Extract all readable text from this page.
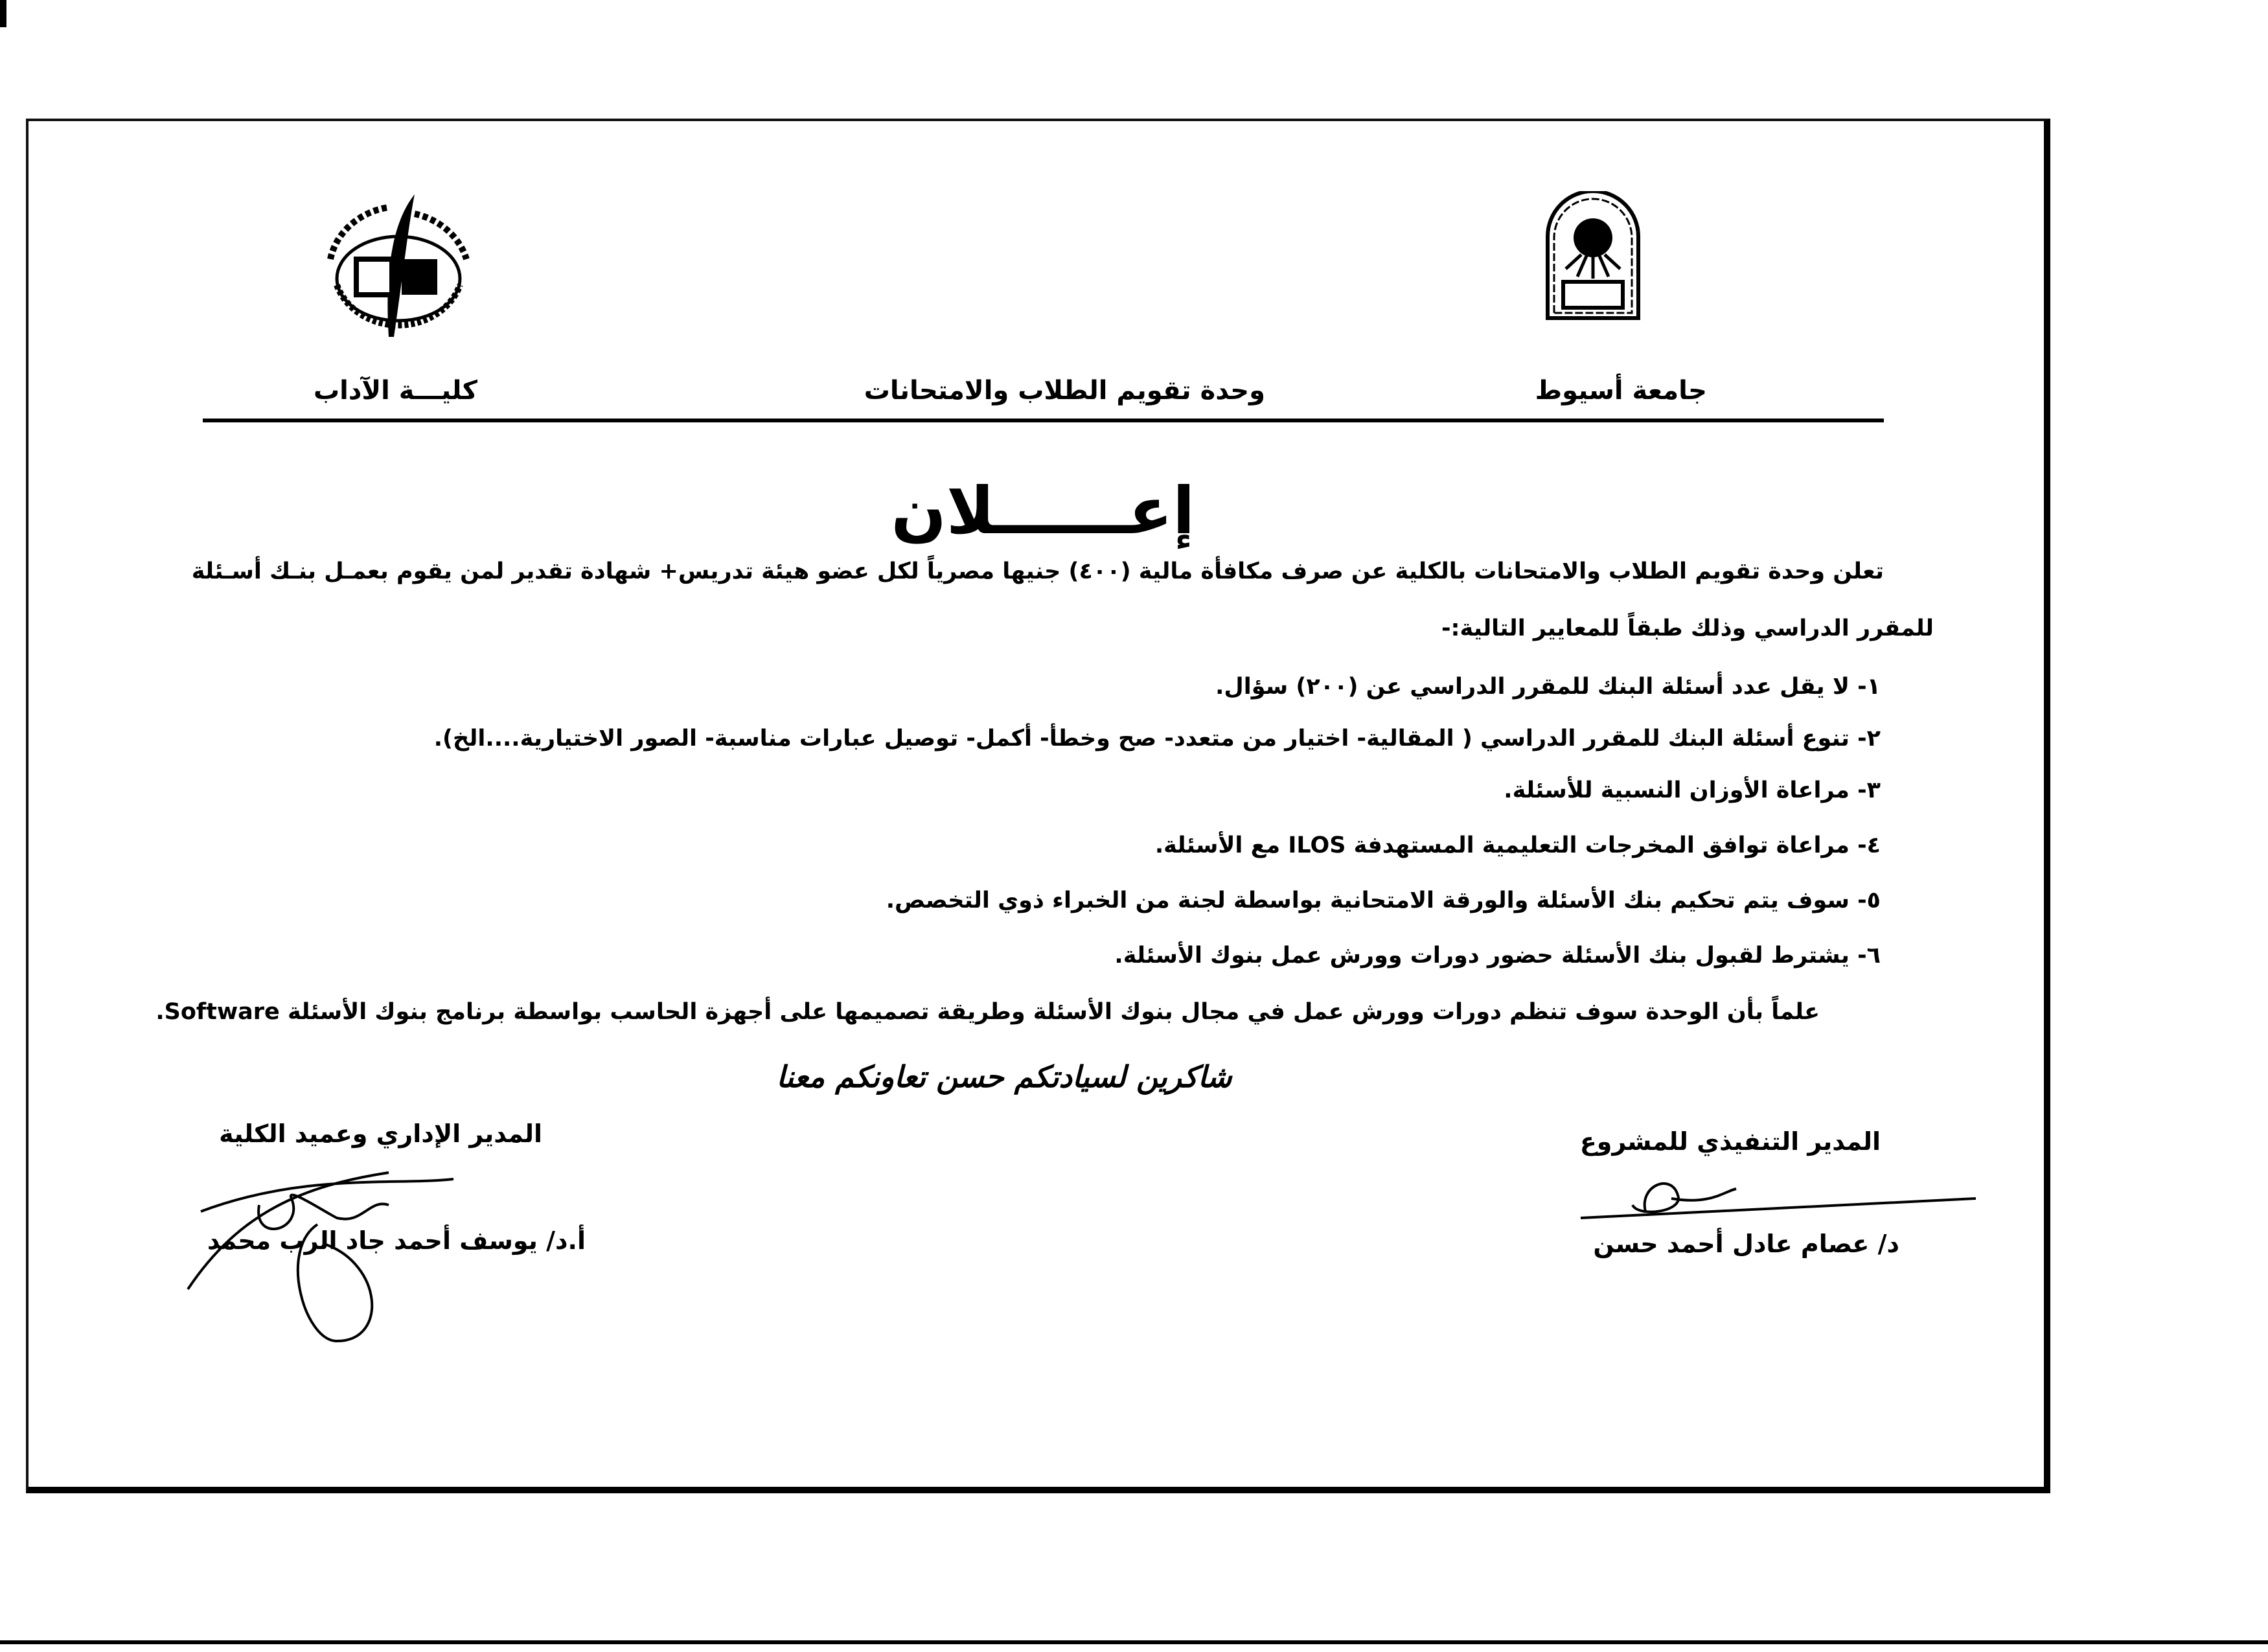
جامعة أسيوط
وحدة تقويم الطلاب والامتحانات
كليـــة الآداب
إعــــــلان
تعلن وحدة تقويم الطلاب والامتحانات بالكلية عن صرف مكافأة مالية (٤٠٠) جنيها مصرياً لكل عضو هيئة تدريس+ شهادة تقدير لمن يقوم بعمـل بنـك أسـئلة
للمقرر الدراسي وذلك طبقاً للمعايير التالية:-
١- لا يقل عدد أسئلة البنك للمقرر الدراسي عن (٢٠٠) سؤال.
٢- تنوع أسئلة البنك للمقرر الدراسي ( المقالية- اختيار من متعدد- صح وخطأ- أكمل- توصيل عبارات مناسبة- الصور الاختيارية....الخ).
٣- مراعاة الأوزان النسبية للأسئلة.
٤- مراعاة توافق المخرجات التعليمية المستهدفة ILOS مع الأسئلة.
٥- سوف يتم تحكيم بنك الأسئلة والورقة الامتحانية بواسطة لجنة من الخبراء ذوي التخصص.
٦- يشترط لقبول بنك الأسئلة حضور دورات وورش عمل بنوك الأسئلة.
علماً بأن الوحدة سوف تنظم دورات وورش عمل في مجال بنوك الأسئلة وطريقة تصميمها على أجهزة الحاسب بواسطة برنامج بنوك الأسئلة Software.
شاكرين لسيادتكم حسن تعاونكم معنا
المدير التنفيذي للمشروع
د/ عصام عادل أحمد حسن
المدير الإداري وعميد الكلية
أ.د/ يوسف أحمد جاد الرب محمد
